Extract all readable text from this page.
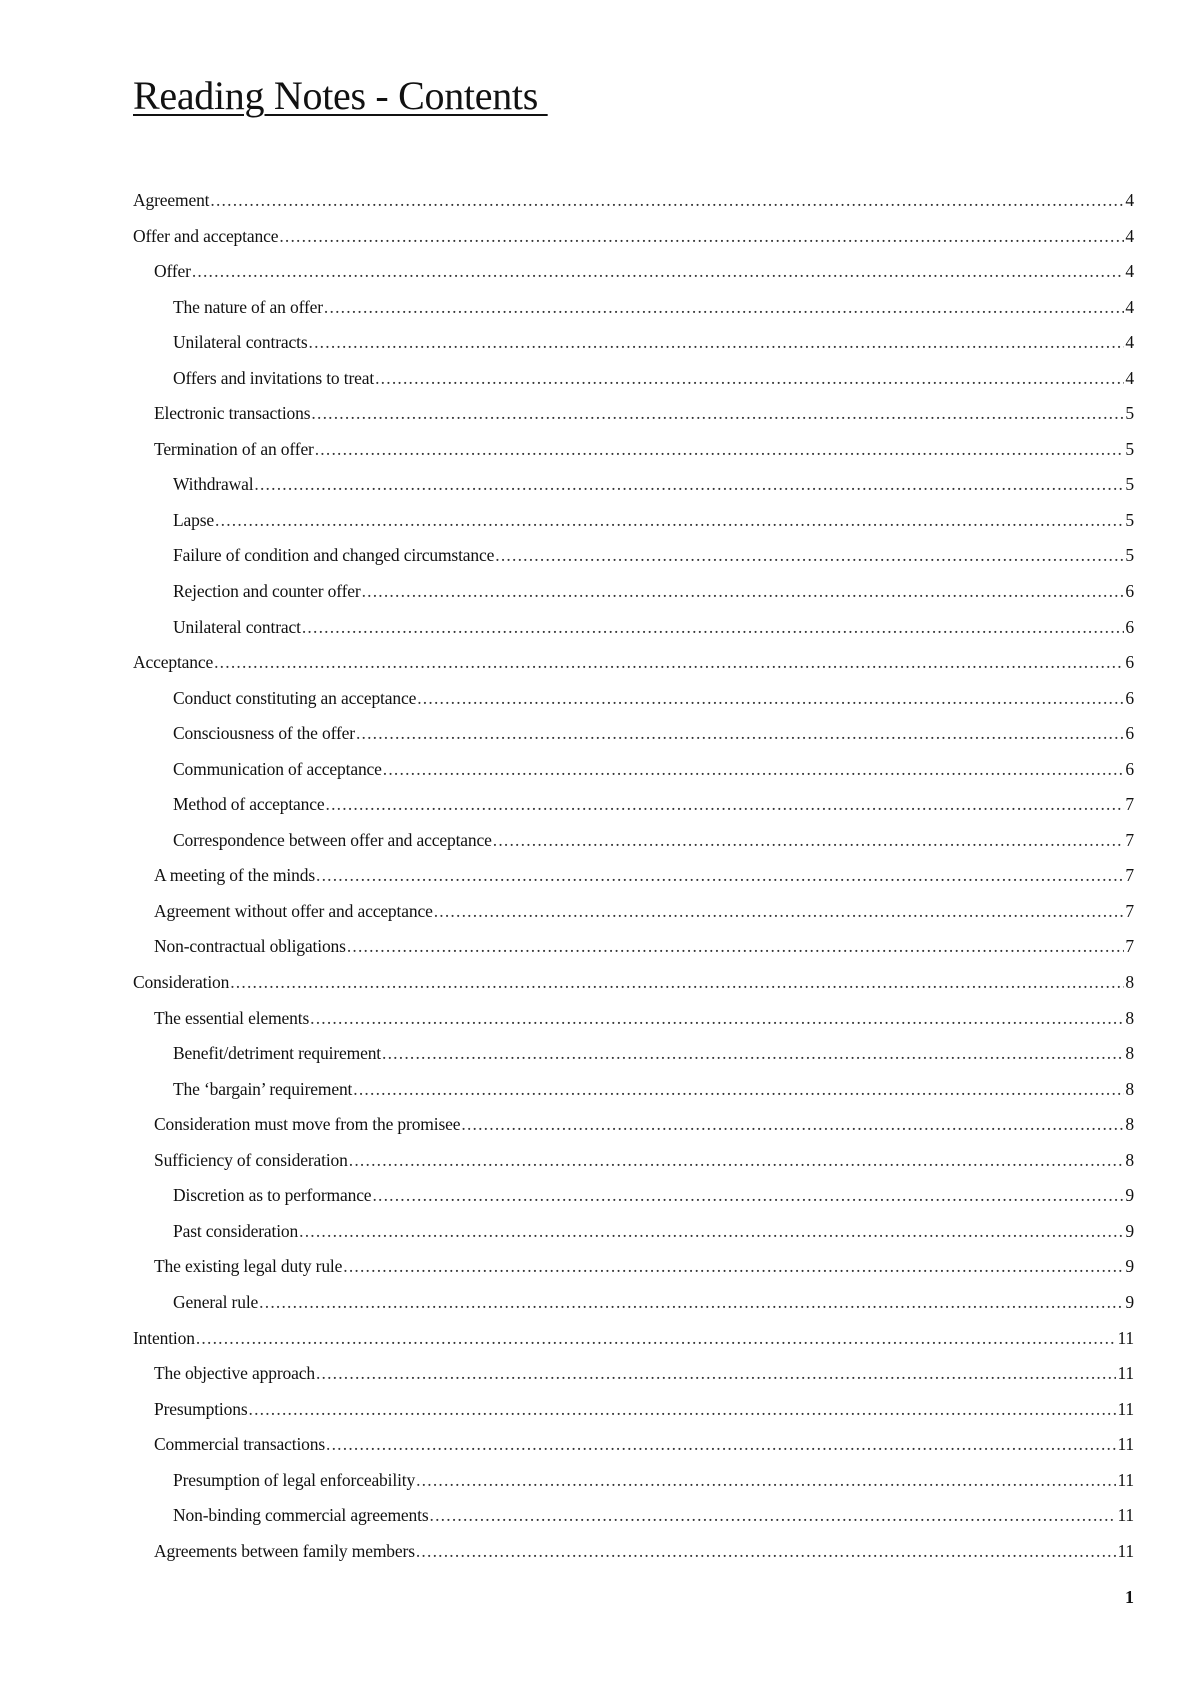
Reading Notes - Contents
Agreement .....	4
Offer and acceptance .....	4
Offer .....	4
The nature of an offer .....	4
Unilateral contracts .....	4
Offers and invitations to treat .....	4
Electronic transactions .....	5
Termination of an offer .....	5
Withdrawal .....	5
Lapse .....	5
Failure of condition and changed circumstance .....	5
Rejection and counter offer .....	6
Unilateral contract .....	6
Acceptance .....	6
Conduct constituting an acceptance .....	6
Consciousness of the offer .....	6
Communication of acceptance .....	6
Method of acceptance .....	7
Correspondence between offer and acceptance .....	7
A meeting of the minds .....	7
Agreement without offer and acceptance .....	7
Non-contractual obligations .....	7
Consideration .....	8
The essential elements .....	8
Benefit/detriment requirement .....	8
The ‘bargain’ requirement .....	8
Consideration must move from the promisee .....	8
Sufficiency of consideration .....	8
Discretion as to performance .....	9
Past consideration .....	9
The existing legal duty rule .....	9
General rule .....	9
Intention .....	11
The objective approach .....	11
Presumptions .....	11
Commercial transactions .....	11
Presumption of legal enforceability .....	11
Non-binding commercial agreements .....	11
Agreements between family members .....	11
1
